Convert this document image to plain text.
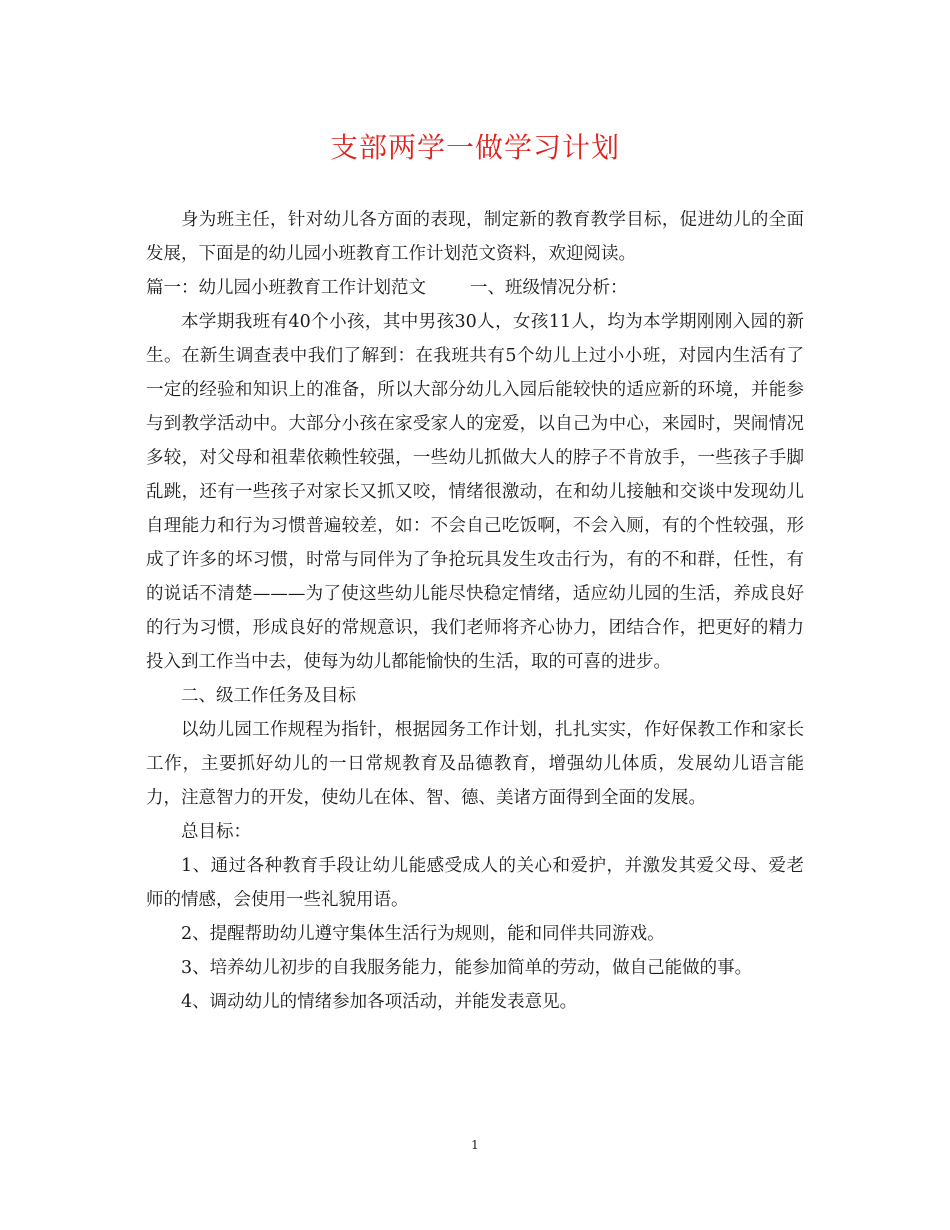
支部两学一做学习计划

身为班主任，针对幼儿各方面的表现，制定新的教育教学目标，促进幼儿的全面发展，下面是的幼儿园小班教育工作计划范文资料，欢迎阅读。

篇一：幼儿园小班教育工作计划范文	一、班级情况分析：

本学期我班有40个小孩，其中男孩30人，女孩11人，均为本学期刚刚入园的新生。在新生调查表中我们了解到：在我班共有5个幼儿上过小小班，对园内生活有了一定的经验和知识上的准备，所以大部分幼儿入园后能较快的适应新的环境，并能参与到教学活动中。大部分小孩在家受家人的宠爱，以自己为中心，来园时，哭闹情况多较，对父母和祖辈依赖性较强，一些幼儿抓做大人的脖子不肯放手，一些孩子手脚乱跳，还有一些孩子对家长又抓又咬，情绪很激动，在和幼儿接触和交谈中发现幼儿自理能力和行为习惯普遍较差，如：不会自己吃饭啊，不会入厕，有的个性较强，形成了许多的坏习惯，时常与同伴为了争抢玩具发生攻击行为，有的不和群，任性，有的说话不清楚———为了使这些幼儿能尽快稳定情绪，适应幼儿园的生活，养成良好的行为习惯，形成良好的常规意识，我们老师将齐心协力，团结合作，把更好的精力投入到工作当中去，使每为幼儿都能愉快的生活，取的可喜的进步。

二、级工作任务及目标

以幼儿园工作规程为指针，根据园务工作计划，扎扎实实，作好保教工作和家长工作，主要抓好幼儿的一日常规教育及品德教育，增强幼儿体质，发展幼儿语言能力，注意智力的开发，使幼儿在体、智、德、美诸方面得到全面的发展。

总目标：

1、通过各种教育手段让幼儿能感受成人的关心和爱护，并激发其爱父母、爱老师的情感，会使用一些礼貌用语。

2、提醒帮助幼儿遵守集体生活行为规则，能和同伴共同游戏。

3、培养幼儿初步的自我服务能力，能参加简单的劳动，做自己能做的事。

4、调动幼儿的情绪参加各项活动，并能发表意见。

1
